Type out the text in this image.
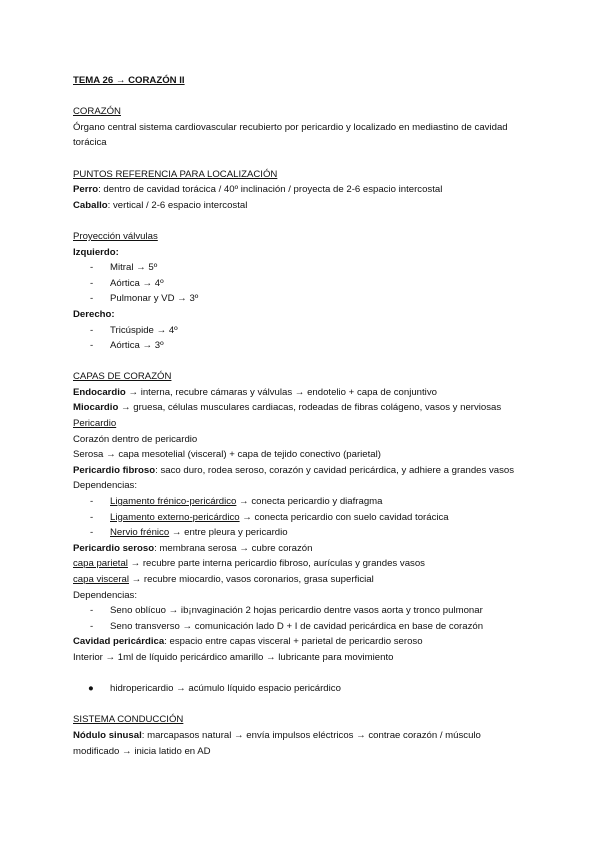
TEMA 26 → CORAZÓN II
CORAZÓN
Órgano central sistema cardiovascular recubierto por pericardio y localizado en mediastino de cavidad torácica
PUNTOS REFERENCIA PARA LOCALIZACIÓN
Perro: dentro de cavidad torácica / 40º inclinación / proyecta de 2-6 espacio intercostal
Caballo: vertical / 2-6 espacio intercostal
Proyección válvulas
Izquierdo:
- Mitral → 5º
- Aórtica → 4º
- Pulmonar y VD → 3º
Derecho:
- Tricúspide → 4º
- Aórtica → 3º
CAPAS DE CORAZÓN
Endocardio → interna, recubre cámaras y válvulas → endotelio + capa de conjuntivo
Miocardio → gruesa, células musculares cardiacas, rodeadas de fibras colágeno, vasos y nerviosas
Pericardio
Corazón dentro de pericardio
Serosa → capa mesotelial (visceral) + capa de tejido conectivo (parietal)
Pericardio fibroso: saco duro, rodea seroso, corazón y cavidad pericárdica, y adhiere a grandes vasos
Dependencias:
- Ligamento frénico-pericárdico → conecta pericardio y diafragma
- Ligamento externo-pericárdico → conecta pericardio con suelo cavidad torácica
- Nervio frénico → entre pleura y pericardio
Pericardio seroso: membrana serosa → cubre corazón
capa parietal → recubre parte interna pericardio fibroso, aurículas y grandes vasos
capa visceral → recubre miocardio, vasos coronarios, grasa superficial
Dependencias:
- Seno oblícuo → ib¡nvaginación 2 hojas pericardio dentre vasos aorta y tronco pulmonar
- Seno transverso → comunicación lado D + I de cavidad pericárdica en base de corazón
Cavidad pericárdica: espacio entre capas visceral + parietal de pericardio seroso
Interior → 1ml de líquido pericárdico amarillo → lubricante para movimiento
● hidropericardio → acúmulo líquido espacio pericárdico
SISTEMA CONDUCCIÓN
Nódulo sinusal: marcapasos natural → envía impulsos eléctricos → contrae corazón / músculo modificado → inicia latido en AD
